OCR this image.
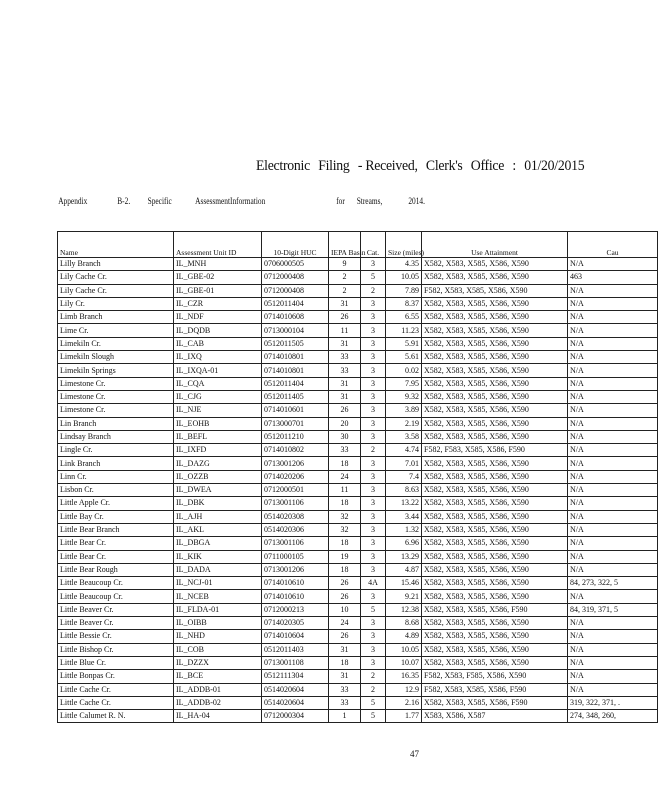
Electronic Filing - Received, Clerk's Office : 01/20/2015
Appendix	B-2. Specific	AssessmentInformation	for Streams,	2014.
Name	Assessment Unit ID	10-Digit HUC	IEPA Basin	Cat.	Size (miles)	Use Attainment	Cau
Lilly Branch	IL_MNH	0706000505	9	3	4.35	X582, X583, X585, X586, X590	N/A
Lily Cache Cr.	IL_GBE-02	0712000408	2	5	10.05	X582, X583, X585, X586, X590	463
Lily Cache Cr.	IL_GBE-01	0712000408	2	2	7.89	F582, X583, X585, X586, X590	N/A
Lily Cr.	IL_CZR	0512011404	31	3	8.37	X582, X583, X585, X586, X590	N/A
Limb Branch	IL_NDF	0714010608	26	3	6.55	X582, X583, X585, X586, X590	N/A
Lime Cr.	IL_DQDB	0713000104	11	3	11.23	X582, X583, X585, X586, X590	N/A
Limekiln Cr.	IL_CAB	0512011505	31	3	5.91	X582, X583, X585, X586, X590	N/A
Limekiln Slough	IL_IXQ	0714010801	33	3	5.61	X582, X583, X585, X586, X590	N/A
Limekiln Springs	IL_IXQA-01	0714010801	33	3	0.02	X582, X583, X585, X586, X590	N/A
Limestone Cr.	IL_CQA	0512011404	31	3	7.95	X582, X583, X585, X586, X590	N/A
Limestone Cr.	IL_CJG	0512011405	31	3	9.32	X582, X583, X585, X586, X590	N/A
Limestone Cr.	IL_NJE	0714010601	26	3	3.89	X582, X583, X585, X586, X590	N/A
Lin Branch	IL_EOHB	0713000701	20	3	2.19	X582, X583, X585, X586, X590	N/A
Lindsay Branch	IL_BEFL	0512011210	30	3	3.58	X582, X583, X585, X586, X590	N/A
Lingle Cr.	IL_IXFD	0714010802	33	2	4.74	F582, F583, X585, X586, F590	N/A
Link Branch	IL_DAZG	0713001206	18	3	7.01	X582, X583, X585, X586, X590	N/A
Linn Cr.	IL_OZZB	0714020206	24	3	7.4	X582, X583, X585, X586, X590	N/A
Lisbon Cr.	IL_DWEA	0712000501	11	3	8.63	X582, X583, X585, X586, X590	N/A
Little Apple Cr.	IL_DBK	0713001106	18	3	13.22	X582, X583, X585, X586, X590	N/A
Little Bay Cr.	IL_AJH	0514020308	32	3	3.44	X582, X583, X585, X586, X590	N/A
Little Bear Branch	IL_AKL	0514020306	32	3	1.32	X582, X583, X585, X586, X590	N/A
Little Bear Cr.	IL_DBGA	0713001106	18	3	6.96	X582, X583, X585, X586, X590	N/A
Little Bear Cr.	IL_KIK	0711000105	19	3	13.29	X582, X583, X585, X586, X590	N/A
Little Bear Rough	IL_DADA	0713001206	18	3	4.87	X582, X583, X585, X586, X590	N/A
Little Beaucoup Cr.	IL_NCJ-01	0714010610	26	4A	15.46	X582, X583, X585, X586, X590	84, 273, 322, 5
Little Beaucoup Cr.	IL_NCEB	0714010610	26	3	9.21	X582, X583, X585, X586, X590	N/A
Little Beaver Cr.	IL_FLDA-01	0712000213	10	5	12.38	X582, X583, X585, X586, F590	84, 319, 371, 5
Little Beaver Cr.	IL_OIBB	0714020305	24	3	8.68	X582, X583, X585, X586, X590	N/A
Little Bessie Cr.	IL_NHD	0714010604	26	3	4.89	X582, X583, X585, X586, X590	N/A
Little Bishop Cr.	IL_COB	0512011403	31	3	10.05	X582, X583, X585, X586, X590	N/A
Little Blue Cr.	IL_DZZX	0713001108	18	3	10.07	X582, X583, X585, X586, X590	N/A
Little Bonpas Cr.	IL_BCE	0512111304	31	2	16.35	F582, X583, F585, X586, X590	N/A
Little Cache Cr.	IL_ADDB-01	0514020604	33	2	12.9	F582, X583, X585, X586, F590	N/A
Little Cache Cr.	IL_ADDB-02	0514020604	33	5	2.16	X582, X583, X585, X586, F590	319, 322, 371, .
Little Calumet R. N.	IL_HA-04	0712000304	1	5	1.77	X583, X586, X587	274, 348, 260,
47
